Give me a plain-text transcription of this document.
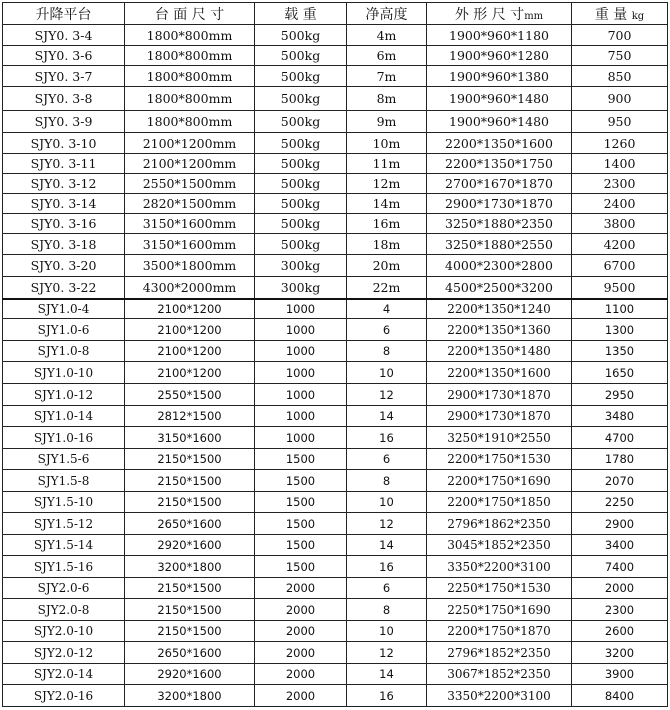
升降平台	台 面 尺 寸	载 重	净高度	外 形 尺 寸mm	重 量 kg
SJY0. 3-4	1800*800mm	500kg	4m	1900*960*1180	700
SJY0. 3-6	1800*800mm	500kg	6m	1900*960*1280	750
SJY0. 3-7	1800*800mm	500kg	7m	1900*960*1380	850
SJY0. 3-8	1800*800mm	500kg	8m	1900*960*1480	900
SJY0. 3-9	1800*800mm	500kg	9m	1900*960*1480	950
SJY0. 3-10	2100*1200mm	500kg	10m	2200*1350*1600	1260
SJY0. 3-11	2100*1200mm	500kg	11m	2200*1350*1750	1400
SJY0. 3-12	2550*1500mm	500kg	12m	2700*1670*1870	2300
SJY0. 3-14	2820*1500mm	500kg	14m	2900*1730*1870	2400
SJY0. 3-16	3150*1600mm	500kg	16m	3250*1880*2350	3800
SJY0. 3-18	3150*1600mm	500kg	18m	3250*1880*2550	4200
SJY0. 3-20	3500*1800mm	300kg	20m	4000*2300*2800	6700
SJY0. 3-22	4300*2000mm	300kg	22m	4500*2500*3200	9500
SJY1.0-4	2100*1200	1000	4	2200*1350*1240	1100
SJY1.0-6	2100*1200	1000	6	2200*1350*1360	1300
SJY1.0-8	2100*1200	1000	8	2200*1350*1480	1350
SJY1.0-10	2100*1200	1000	10	2200*1350*1600	1650
SJY1.0-12	2550*1500	1000	12	2900*1730*1870	2950
SJY1.0-14	2812*1500	1000	14	2900*1730*1870	3480
SJY1.0-16	3150*1600	1000	16	3250*1910*2550	4700
SJY1.5-6	2150*1500	1500	6	2200*1750*1530	1780
SJY1.5-8	2150*1500	1500	8	2200*1750*1690	2070
SJY1.5-10	2150*1500	1500	10	2200*1750*1850	2250
SJY1.5-12	2650*1600	1500	12	2796*1862*2350	2900
SJY1.5-14	2920*1600	1500	14	3045*1852*2350	3400
SJY1.5-16	3200*1800	1500	16	3350*2200*3100	7400
SJY2.0-6	2150*1500	2000	6	2250*1750*1530	2000
SJY2.0-8	2150*1500	2000	8	2250*1750*1690	2300
SJY2.0-10	2150*1500	2000	10	2200*1750*1870	2600
SJY2.0-12	2650*1600	2000	12	2796*1852*2350	3200
SJY2.0-14	2920*1600	2000	14	3067*1852*2350	3900
SJY2.0-16	3200*1800	2000	16	3350*2200*3100	8400
